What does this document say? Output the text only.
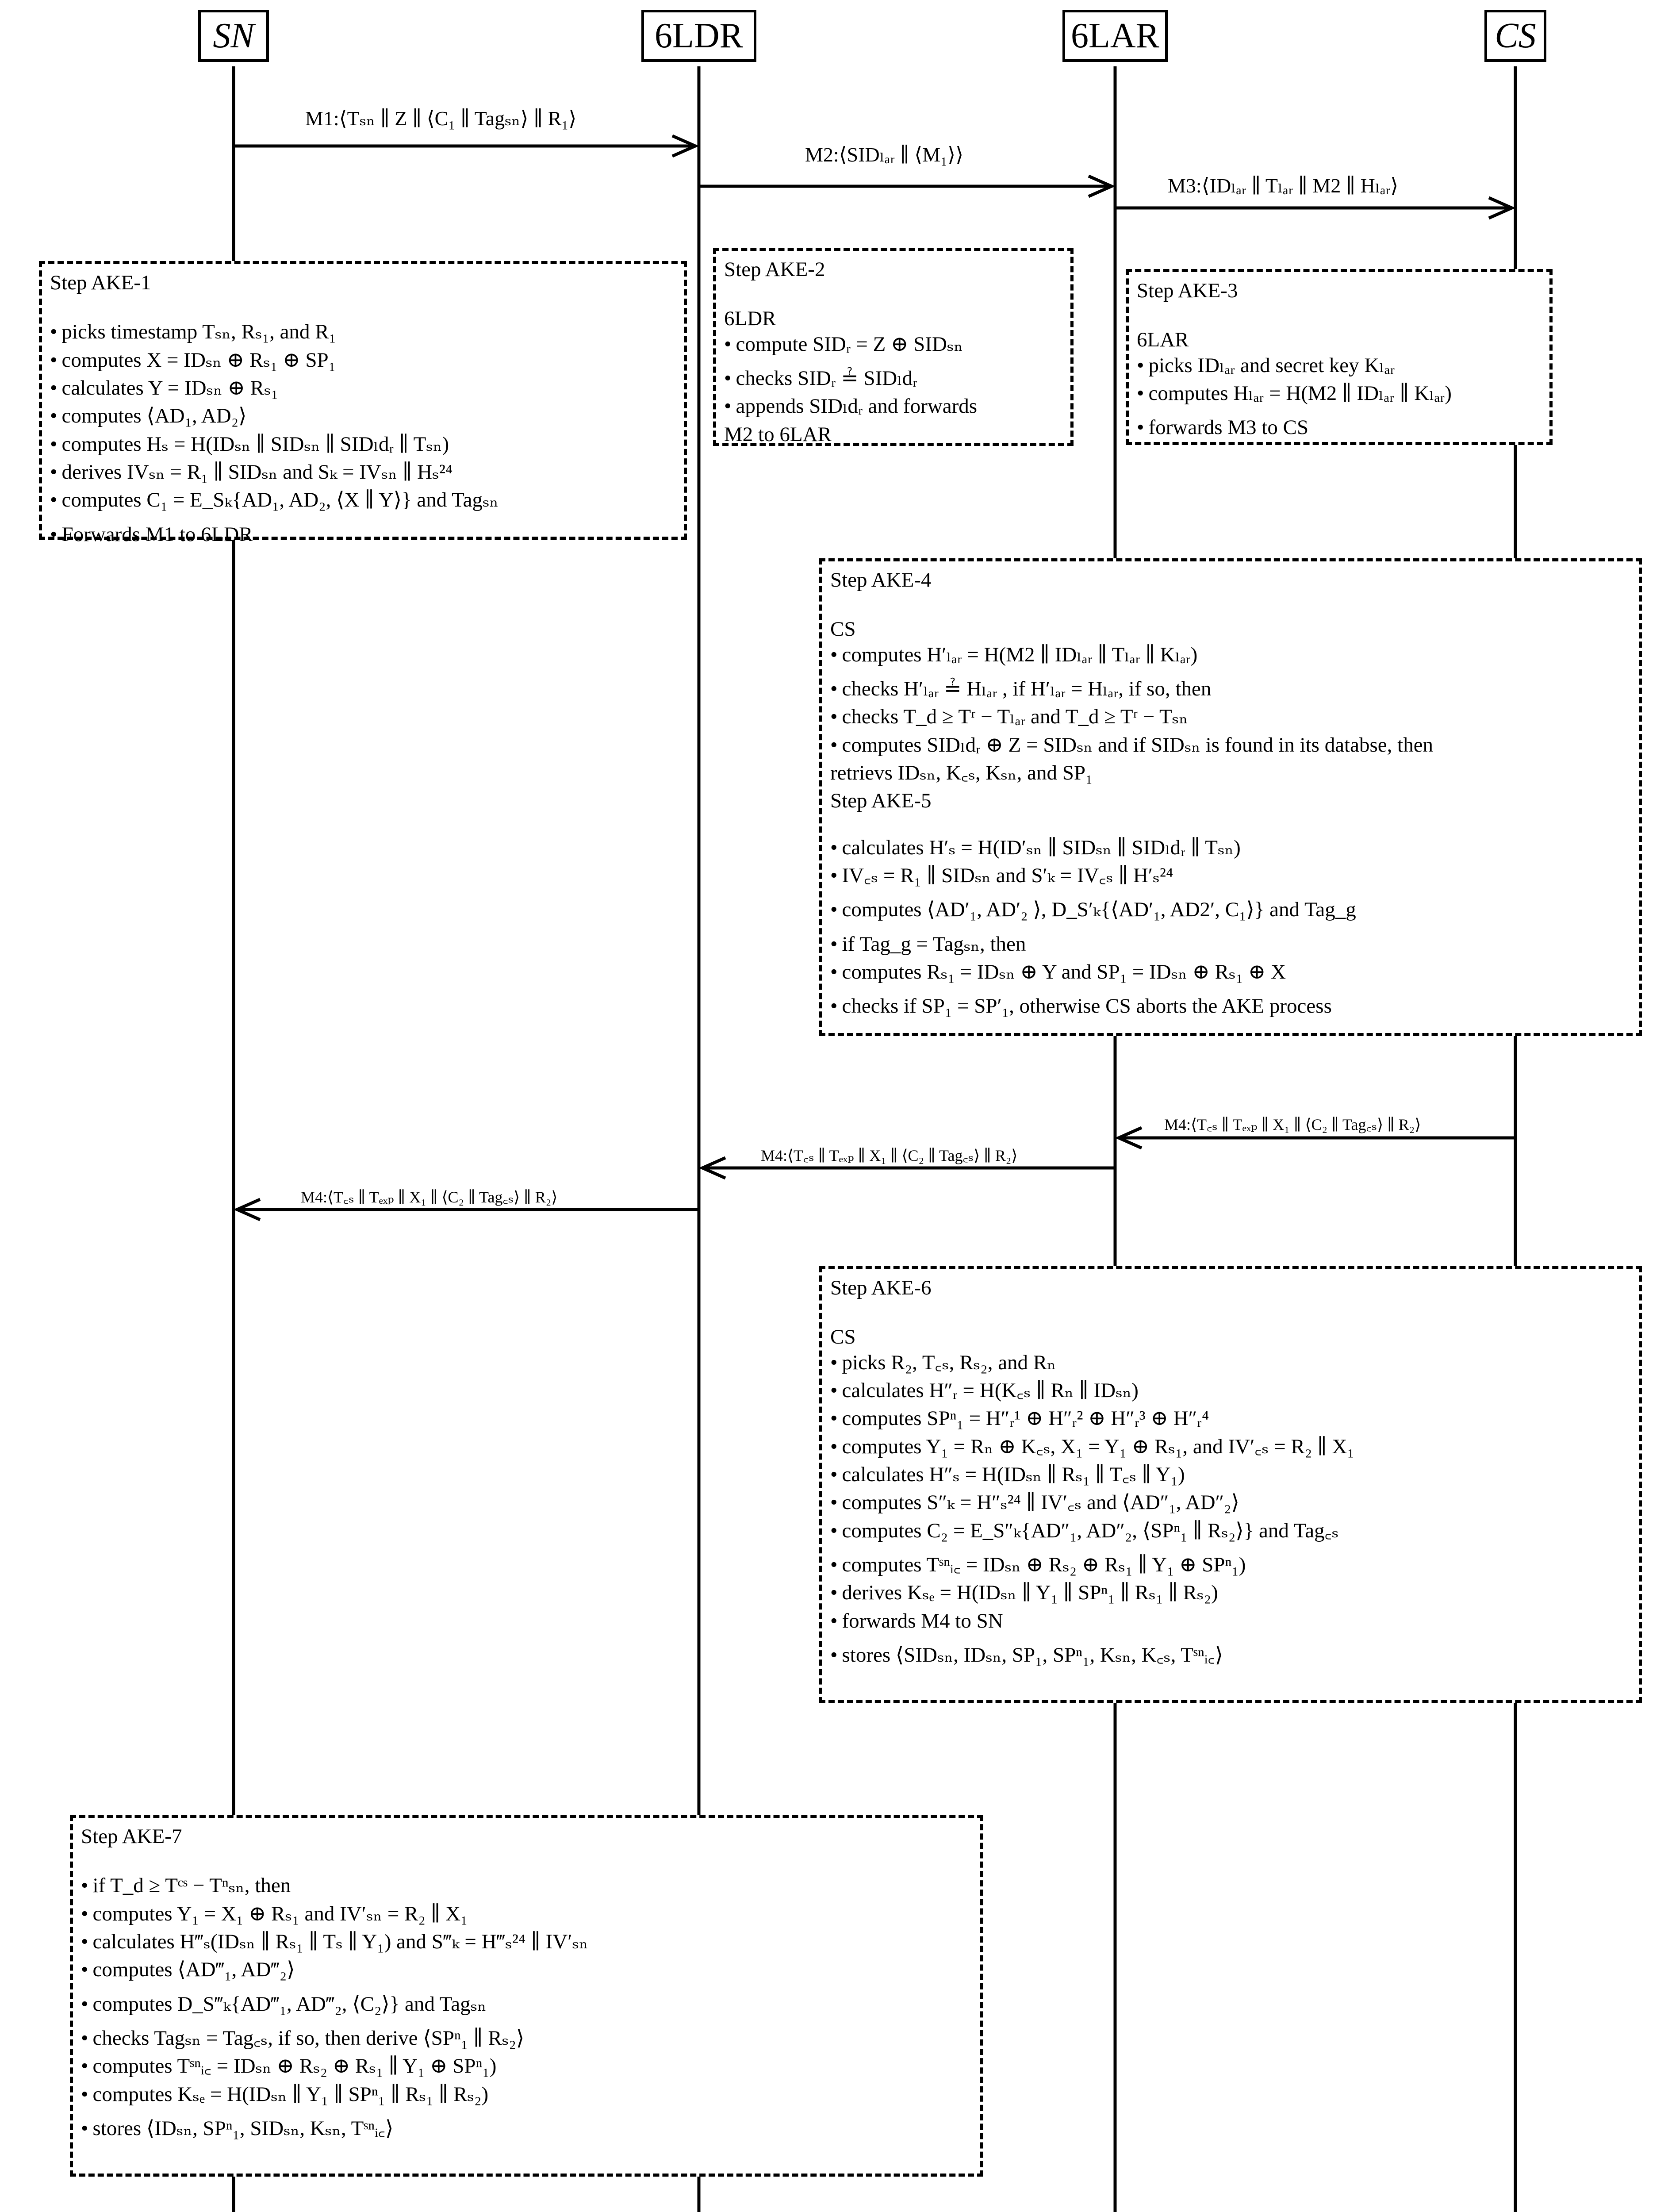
SN	6LDR	6LAR	CS
M1:⟨Tₛₙ ∥ Z ∥ ⟨C₁ ∥ Tagₛₙ⟩ ∥ R₁⟩
M2:⟨SIDₗₐᵣ ∥ ⟨M₁⟩⟩
M3:⟨IDₗₐᵣ ∥ Tₗₐᵣ ∥ M2 ∥ Hₗₐᵣ⟩
M4:⟨T꜀ₛ ∥ Tₑₓₚ ∥ X₁ ∥ ⟨C₂ ∥ Tag꜀ₛ⟩ ∥ R₂⟩
M4:⟨T꜀ₛ ∥ Tₑₓₚ ∥ X₁ ∥ ⟨C₂ ∥ Tag꜀ₛ⟩ ∥ R₂⟩
M4:⟨T꜀ₛ ∥ Tₑₓₚ ∥ X₁ ∥ ⟨C₂ ∥ Tag꜀ₛ⟩ ∥ R₂⟩
Step AKE-1
• picks timestamp Tₛₙ, Rₛ₁, and R₁
• computes X = IDₛₙ ⊕ Rₛ₁ ⊕ SP₁
• calculates Y = IDₛₙ ⊕ Rₛ₁
• computes ⟨AD₁, AD₂⟩
• computes Hₛ = H(IDₛₙ ∥ SIDₛₙ ∥ SIDₗdᵣ ∥ Tₛₙ)
• derives IVₛₙ = R₁ ∥ SIDₛₙ and Sₖ = IVₛₙ ∥ Hₛ²⁴
• computes C₁ = E_Sₖ{AD₁, AD₂, ⟨X ∥ Y⟩} and Tagₛₙ
• Forwards M1 to 6LDR
Step AKE-2
6LDR
• compute SIDᵣ = Z ⊕ SIDₛₙ
• checks SIDᵣ ≟ SIDₗdᵣ
• appends SIDₗdᵣ and forwards
M2 to 6LAR
Step AKE-3
6LAR
• picks IDₗₐᵣ and secret key Kₗₐᵣ
• computes Hₗₐᵣ = H(M2 ∥ IDₗₐᵣ ∥ Kₗₐᵣ)
• forwards M3 to CS
Step AKE-4
CS
• computes H′ₗₐᵣ = H(M2 ∥ IDₗₐᵣ ∥ Tₗₐᵣ ∥ Kₗₐᵣ)
• checks H′ₗₐᵣ ≟ Hₗₐᵣ , if H′ₗₐᵣ = Hₗₐᵣ, if so, then
• checks T_d ≥ Tʳ − Tₗₐᵣ and T_d ≥ Tʳ − Tₛₙ
• computes SIDₗdᵣ ⊕ Z = SIDₛₙ and if SIDₛₙ is found in its databse, then
retrievs IDₛₙ, K꜀ₛ, Kₛₙ, and SP₁
Step AKE-5
• calculates H′ₛ = H(ID′ₛₙ ∥ SIDₛₙ ∥ SIDₗdᵣ ∥ Tₛₙ)
• IV꜀ₛ = R₁ ∥ SIDₛₙ and S′ₖ = IV꜀ₛ ∥ H′ₛ²⁴
• computes ⟨AD′₁, AD′₂ ⟩, D_S′ₖ{⟨AD′₁, AD2′, C₁⟩} and Tag_g
• if Tag_g = Tagₛₙ, then
• computes Rₛ₁ = IDₛₙ ⊕ Y and SP₁ = IDₛₙ ⊕ Rₛ₁ ⊕ X
• checks if SP₁ = SP′₁, otherwise CS aborts the AKE process
Step AKE-6
CS
• picks R₂, T꜀ₛ, Rₛ₂, and Rₙ
• calculates H″ᵣ = H(K꜀ₛ ∥ Rₙ ∥ IDₛₙ)
• computes SPⁿ₁ = H″ᵣ¹ ⊕ H″ᵣ² ⊕ H″ᵣ³ ⊕ H″ᵣ⁴
• computes Y₁ = Rₙ ⊕ K꜀ₛ, X₁ = Y₁ ⊕ Rₛ₁, and IV′꜀ₛ = R₂ ∥ X₁
• calculates H″ₛ = H(IDₛₙ ∥ Rₛ₁ ∥ T꜀ₛ ∥ Y₁)
• computes S″ₖ = H″ₛ²⁴ ∥ IV′꜀ₛ and ⟨AD″₁, AD″₂⟩
• computes C₂ = E_S″ₖ{AD″₁, AD″₂, ⟨SPⁿ₁ ∥ Rₛ₂⟩} and Tag꜀ₛ
• computes Tˢⁿᵢ꜀ = IDₛₙ ⊕ Rₛ₂ ⊕ Rₛ₁ ∥ Y₁ ⊕ SPⁿ₁)
• derives Kₛₑ = H(IDₛₙ ∥ Y₁ ∥ SPⁿ₁ ∥ Rₛ₁ ∥ Rₛ₂)
• forwards M4 to SN
• stores ⟨SIDₛₙ, IDₛₙ, SP₁, SPⁿ₁, Kₛₙ, K꜀ₛ, Tˢⁿᵢ꜀⟩
Step AKE-7
• if T_d ≥ Tᶜˢ − Tⁿₛₙ, then
• computes Y₁ = X₁ ⊕ Rₛ₁ and IV′ₛₙ = R₂ ∥ X₁
• calculates H‴ₛ(IDₛₙ ∥ Rₛ₁ ∥ Tₛ ∥ Y₁) and S‴ₖ = H‴ₛ²⁴ ∥ IV′ₛₙ
• computes ⟨AD‴₁, AD‴₂⟩
• computes D_S‴ₖ{AD‴₁, AD‴₂, ⟨C₂⟩} and Tagₛₙ
• checks Tagₛₙ = Tag꜀ₛ, if so, then derive ⟨SPⁿ₁ ∥ Rₛ₂⟩
• computes Tˢⁿᵢ꜀ = IDₛₙ ⊕ Rₛ₂ ⊕ Rₛ₁ ∥ Y₁ ⊕ SPⁿ₁)
• computes Kₛₑ = H(IDₛₙ ∥ Y₁ ∥ SPⁿ₁ ∥ Rₛ₁ ∥ Rₛ₂)
• stores ⟨IDₛₙ, SPⁿ₁, SIDₛₙ, Kₛₙ, Tˢⁿᵢ꜀⟩
